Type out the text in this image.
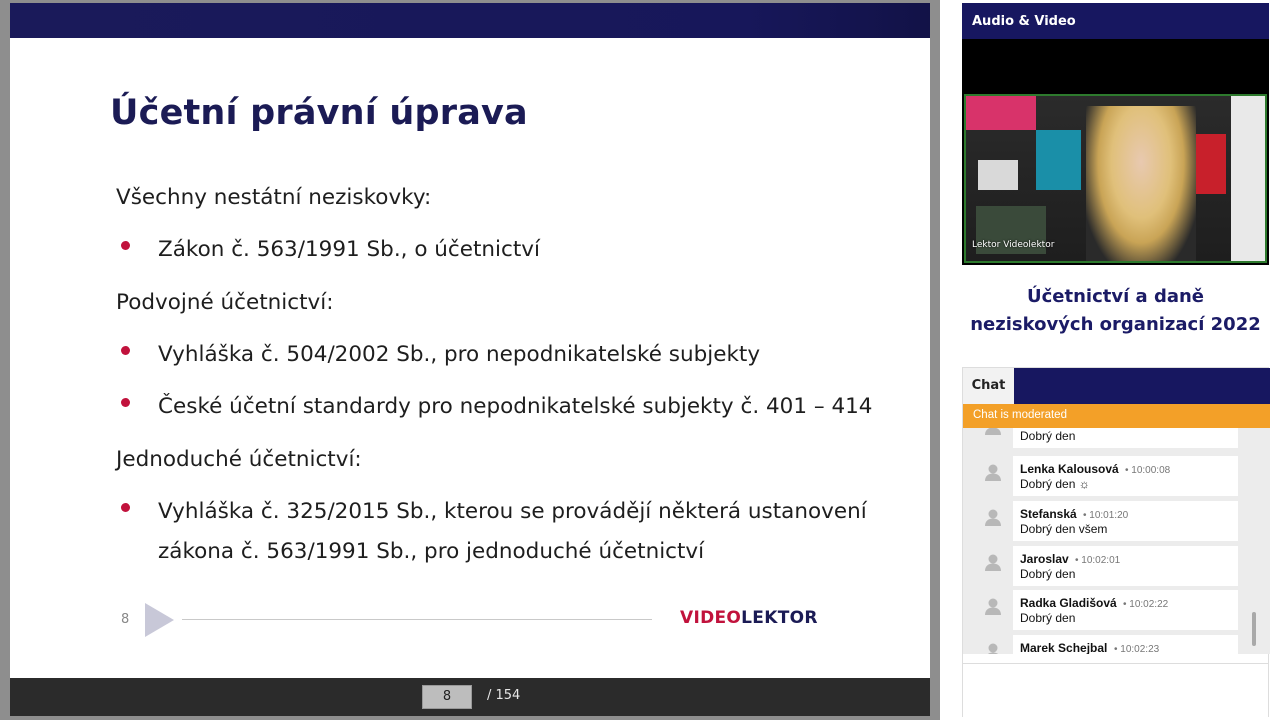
Účetní právní úprava
Všechny nestátní neziskovky:
Zákon č. 563/1991 Sb., o účetnictví
Podvojné účetnictví:
Vyhláška č. 504/2002 Sb., pro nepodnikatelské subjekty
České účetní standardy pro nepodnikatelské subjekty č. 401 – 414
Jednoduché účetnictví:
Vyhláška č. 325/2015 Sb., kterou se provádějí některá ustanovení
zákona č. 563/1991 Sb., pro jednoduché účetnictví
8	VIDEOLEKTOR
8	/ 154
Audio & Video
Lektor Videolektor
Účetnictví a daně
neziskových organizací 2022
Chat
Chat is moderated
Dobrý den
Lenka Kalousová • 10:00:08
Dobrý den ☼
Stefanská • 10:01:20
Dobrý den všem
Jaroslav • 10:02:01
Dobrý den
Radka Gladišová • 10:02:22
Dobrý den
Marek Schejbal • 10:02:23
